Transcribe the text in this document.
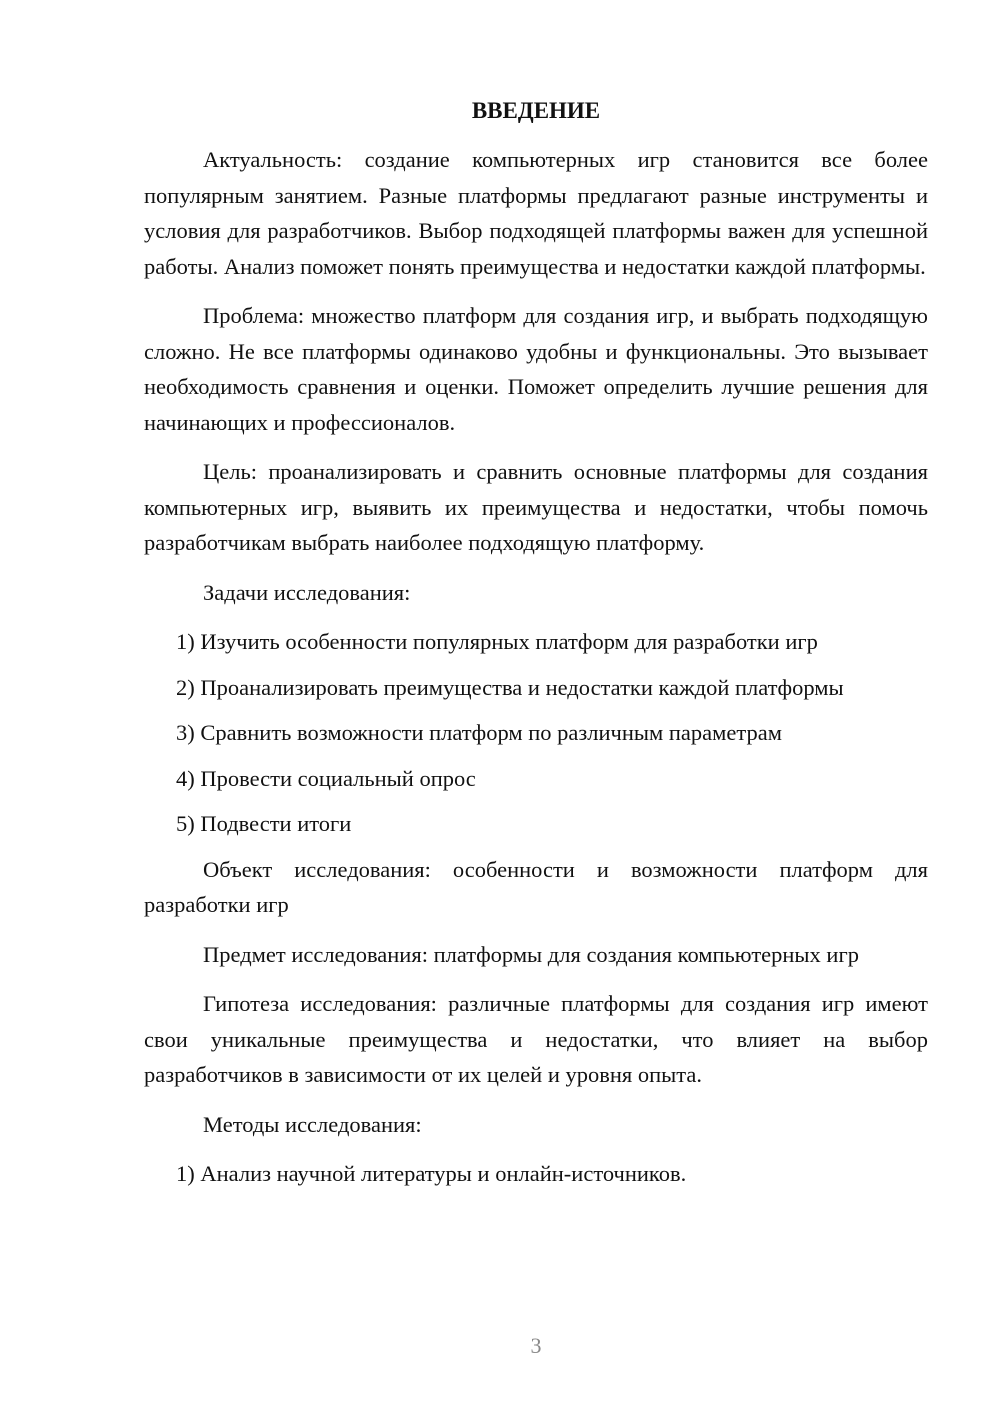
ВВЕДЕНИЕ

Актуальность: создание компьютерных игр становится все более популярным занятием. Разные платформы предлагают разные инструменты и условия для разработчиков. Выбор подходящей платформы важен для успешной работы. Анализ поможет понять преимущества и недостатки каждой платформы.

Проблема: множество платформ для создания игр, и выбрать подходящую сложно. Не все платформы одинаково удобны и функциональны. Это вызывает необходимость сравнения и оценки. Поможет определить лучшие решения для начинающих и профессионалов.

Цель: проанализировать и сравнить основные платформы для создания компьютерных игр, выявить их преимущества и недостатки, чтобы помочь разработчикам выбрать наиболее подходящую платформу.

Задачи исследования:

1) Изучить особенности популярных платформ для разработки игр

2) Проанализировать преимущества и недостатки каждой платформы

3) Сравнить возможности платформ по различным параметрам

4) Провести социальный опрос

5) Подвести итоги

Объект исследования: особенности и возможности платформ для разработки игр

Предмет исследования: платформы для создания компьютерных игр

Гипотеза исследования: различные платформы для создания игр имеют свои уникальные преимущества и недостатки, что влияет на выбор разработчиков в зависимости от их целей и уровня опыта.

Методы исследования:

1) Анализ научной литературы и онлайн-источников.

3
